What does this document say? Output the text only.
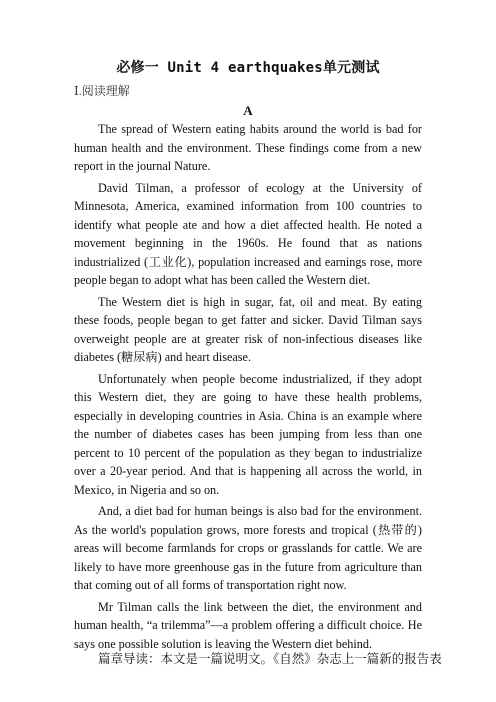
必修一 Unit 4 earthquakes单元测试
Ⅰ.阅读理解
A

The spread of Western eating habits around the world is bad for human health and the environment. These findings come from a new report in the journal Nature.

David Tilman, a professor of ecology at the University of Minnesota, America, examined information from 100 countries to identify what people ate and how a diet affected health. He noted a movement beginning in the 1960s. He found that as nations industrialized (工业化), population increased and earnings rose, more people began to adopt what has been called the Western diet.

The Western diet is high in sugar, fat, oil and meat. By eating these foods, people began to get fatter and sicker. David Tilman says overweight people are at greater risk of non-infectious diseases like diabetes (糖尿病) and heart disease.

Unfortunately when people become industrialized, if they adopt this Western diet, they are going to have these health problems, especially in developing countries in Asia. China is an example where the number of diabetes cases has been jumping from less than one percent to 10 percent of the population as they began to industrialize over a 20-year period. And that is happening all across the world, in Mexico, in Nigeria and so on.

And, a diet bad for human beings is also bad for the environment. As the world's population grows, more forests and tropical (热带的) areas will become farmlands for crops or grasslands for cattle. We are likely to have more greenhouse gas in the future from agriculture than that coming out of all forms of transportation right now.

Mr Tilman calls the link between the diet, the environment and human health, “a trilemma”—a problem offering a difficult choice. He says one possible solution is leaving the Western diet behind.

篇章导读：本文是一篇说明文。《自然》杂志上一篇新的报告表
